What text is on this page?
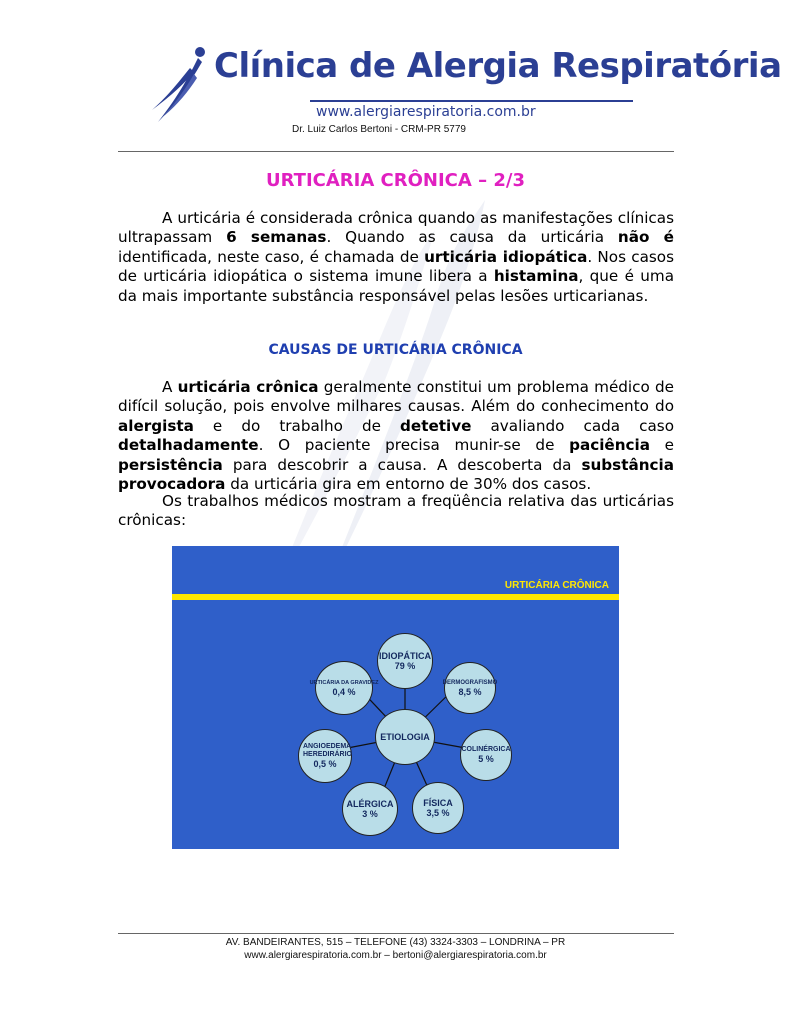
Clínica de Alergia Respiratória
www.alergiarespiratoria.com.br
Dr. Luiz Carlos Bertoni - CRM-PR 5779
URTICÁRIA CRÔNICA – 2/3
A urticária é considerada crônica quando as manifestações clínicas ultrapassam 6 semanas. Quando as causa da urticária não é identificada, neste caso, é chamada de urticária idiopática. Nos casos de urticária idiopática o sistema imune libera a histamina, que é uma da mais importante substância responsável pelas lesões urticarianas.
CAUSAS DE URTICÁRIA CRÔNICA
A urticária crônica geralmente constitui um problema médico de difícil solução, pois envolve milhares causas. Além do conhecimento do alergista e do trabalho de detetive avaliando cada caso detalhadamente. O paciente precisa munir-se de paciência e persistência para descobrir a causa. A descoberta da substância provocadora da urticária gira em entorno de 30% dos casos.
Os trabalhos médicos mostram a freqüência relativa das urticárias crônicas:
URTICÁRIA CRÔNICA
IDIOPÁTICA
79 %
DERMOGRAFISMO
8,5 %
COLINÉRGICA
5 %
FÍSICA
3,5 %
ALÉRGICA
3 %
ANGIOEDEMA HEREDIRÁRIO
0,5 %
URTICÁRIA DA GRAVIDEZ
0,4 %
ETIOLOGIA
AV. BANDEIRANTES, 515 – TELEFONE (43) 3324-3303 – LONDRINA – PR
www.alergiarespiratoria.com.br – bertoni@alergiarespiratoria.com.br
